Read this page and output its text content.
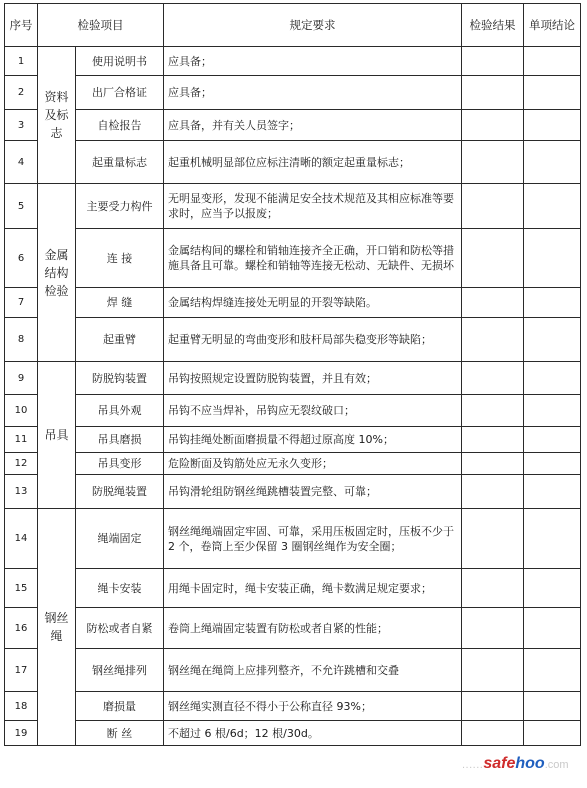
序号	检验项目		规定要求	检验结果	单项结论
1	资料及标志	使用说明书	应具备；		
2		出厂合格证	应具备；		
3		自检报告	应具备，并有关人员签字；		
4		起重量标志	起重机械明显部位应标注清晰的额定起重量标志；		
5	金属结构检验	主要受力构件	无明显变形，发现不能满足安全技术规范及其相应标准等要求时，应当予以报废；		
6		连 接	金属结构间的螺栓和销轴连接齐全正确，开口销和防松等措施具备且可靠。螺栓和销轴等连接无松动、无缺件、无损坏		
7		焊 缝	金属结构焊缝连接处无明显的开裂等缺陷。		
8		起重臂	起重臂无明显的弯曲变形和肢杆局部失稳变形等缺陷；		
9	吊具	防脱钩装置	吊钩按照规定设置防脱钩装置，并且有效；		
10		吊具外观	吊钩不应当焊补，吊钩应无裂纹破口；		
11		吊具磨损	吊钩挂绳处断面磨损量不得超过原高度 10%；		
12		吊具变形	危险断面及钩筋处应无永久变形；		
13		防脱绳装置	吊钩滑轮组防钢丝绳跳槽装置完整、可靠；		
14	钢丝绳	绳端固定	钢丝绳绳端固定牢固、可靠，采用压板固定时，压板不少于 2 个，卷筒上至少保留 3 圈钢丝绳作为安全圈；		
15		绳卡安装	用绳卡固定时，绳卡安装正确，绳卡数满足规定要求；		
16		防松或者自紧	卷筒上绳端固定装置有防松或者自紧的性能；		
17		钢丝绳排列	钢丝绳在绳筒上应排列整齐，不允许跳槽和交叠		
18		磨损量	钢丝绳实测直径不得小于公称直径 93%；		
19		断 丝	不超过 6 根/6d；12 根/30d。		
......safehoo.com
